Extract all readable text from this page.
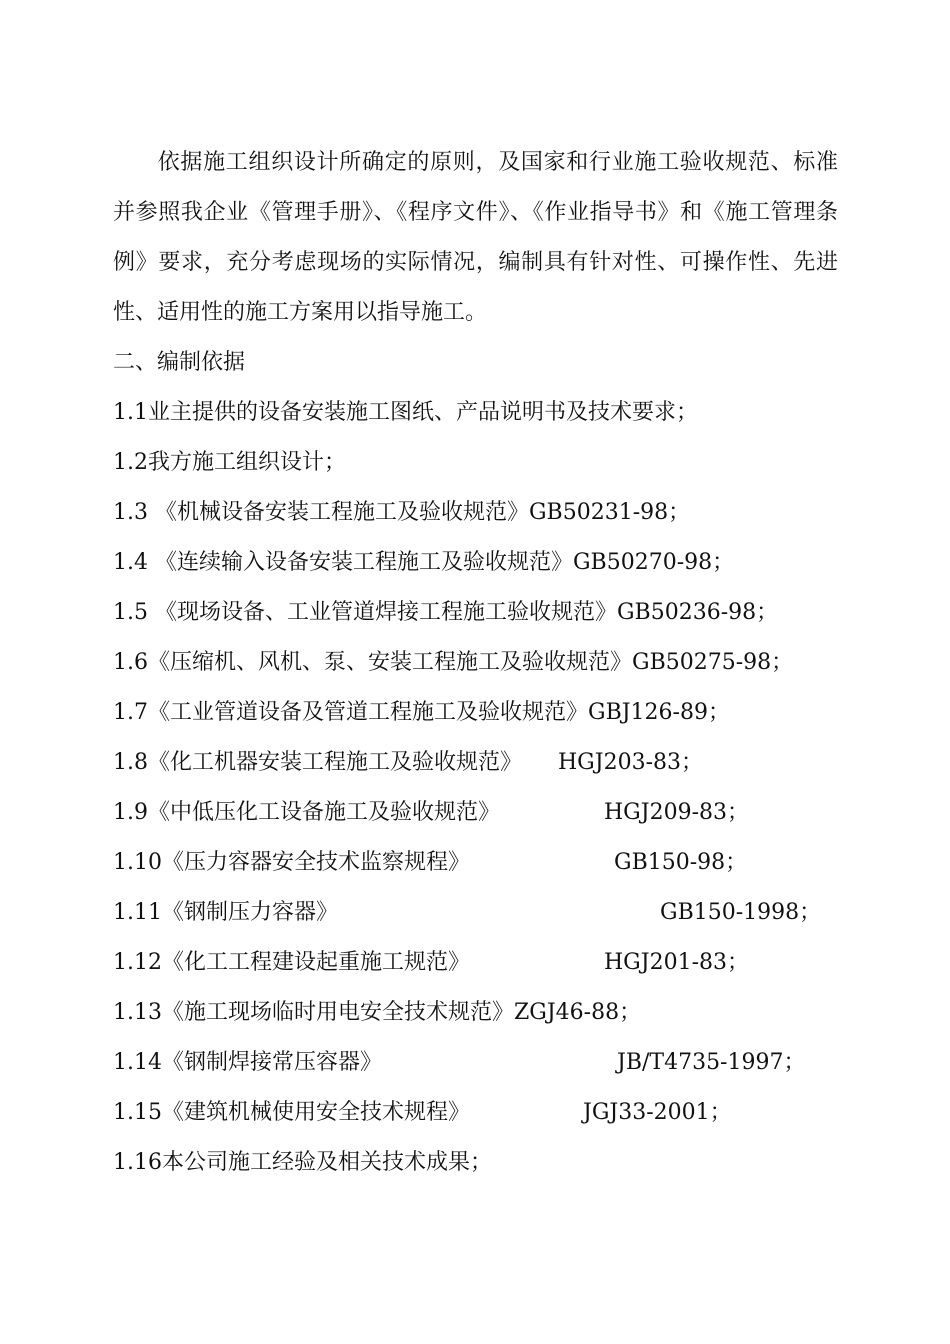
依据施工组织设计所确定的原则，及国家和行业施工验收规范、标准并参照我企业《管理手册》、《程序文件》、《作业指导书》和《施工管理条例》要求，充分考虑现场的实际情况，编制具有针对性、可操作性、先进性、适用性的施工方案用以指导施工。

二、编制依据
1.1业主提供的设备安装施工图纸、产品说明书及技术要求；
1.2我方施工组织设计；
1.3 《机械设备安装工程施工及验收规范》GB50231-98；
1.4 《连续输入设备安装工程施工及验收规范》GB50270-98；
1.5 《现场设备、工业管道焊接工程施工验收规范》GB50236-98；
1.6《压缩机、风机、泵、安装工程施工及验收规范》GB50275-98；
1.7《工业管道设备及管道工程施工及验收规范》GBJ126-89；
1.8《化工机器安装工程施工及验收规范》 HGJ203-83；
1.9《中低压化工设备施工及验收规范》	HGJ209-83；
1.10《压力容器安全技术监察规程》	GB150-98；
1.11《钢制压力容器》	GB150-1998；
1.12《化工工程建设起重施工规范》	HGJ201-83；
1.13《施工现场临时用电安全技术规范》ZGJ46-88；
1.14《钢制焊接常压容器》	JB/T4735-1997；
1.15《建筑机械使用安全技术规程》	JGJ33-2001；
1.16本公司施工经验及相关技术成果；
